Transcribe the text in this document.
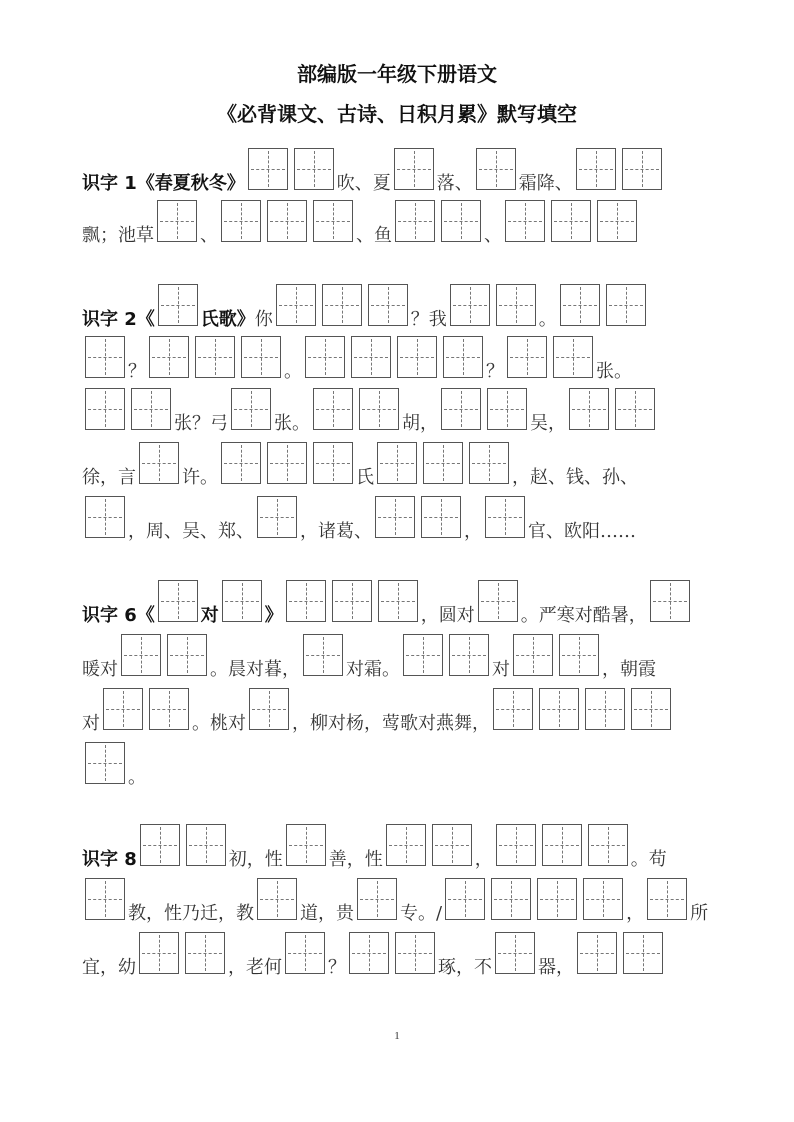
部编版一年级下册语文
《必背课文、古诗、日积月累》默写填空
识字 1《春夏秋冬》	吹、夏	落、	霜降、
飘；池草	、	、鱼	、
识字 2《	氏歌》你	？我	。
？	。	？	张。
张？弓	张。	胡，	吴，
徐，言	许。	氏	，赵、钱、孙、
，周、吴、郑、	，诸葛、	，	官、欧阳……
识字 6《	对	》	，圆对	。严寒对酷暑，
暖对	。晨对暮，	对霜。	对	，朝霞
对	。桃对	，柳对杨，莺歌对燕舞，
。
识字 8	初，性	善，性	，	。苟
教，性乃迁，教	道，贵	专。/	，	所
宜，幼	，老何	？	琢，不	器，
1
